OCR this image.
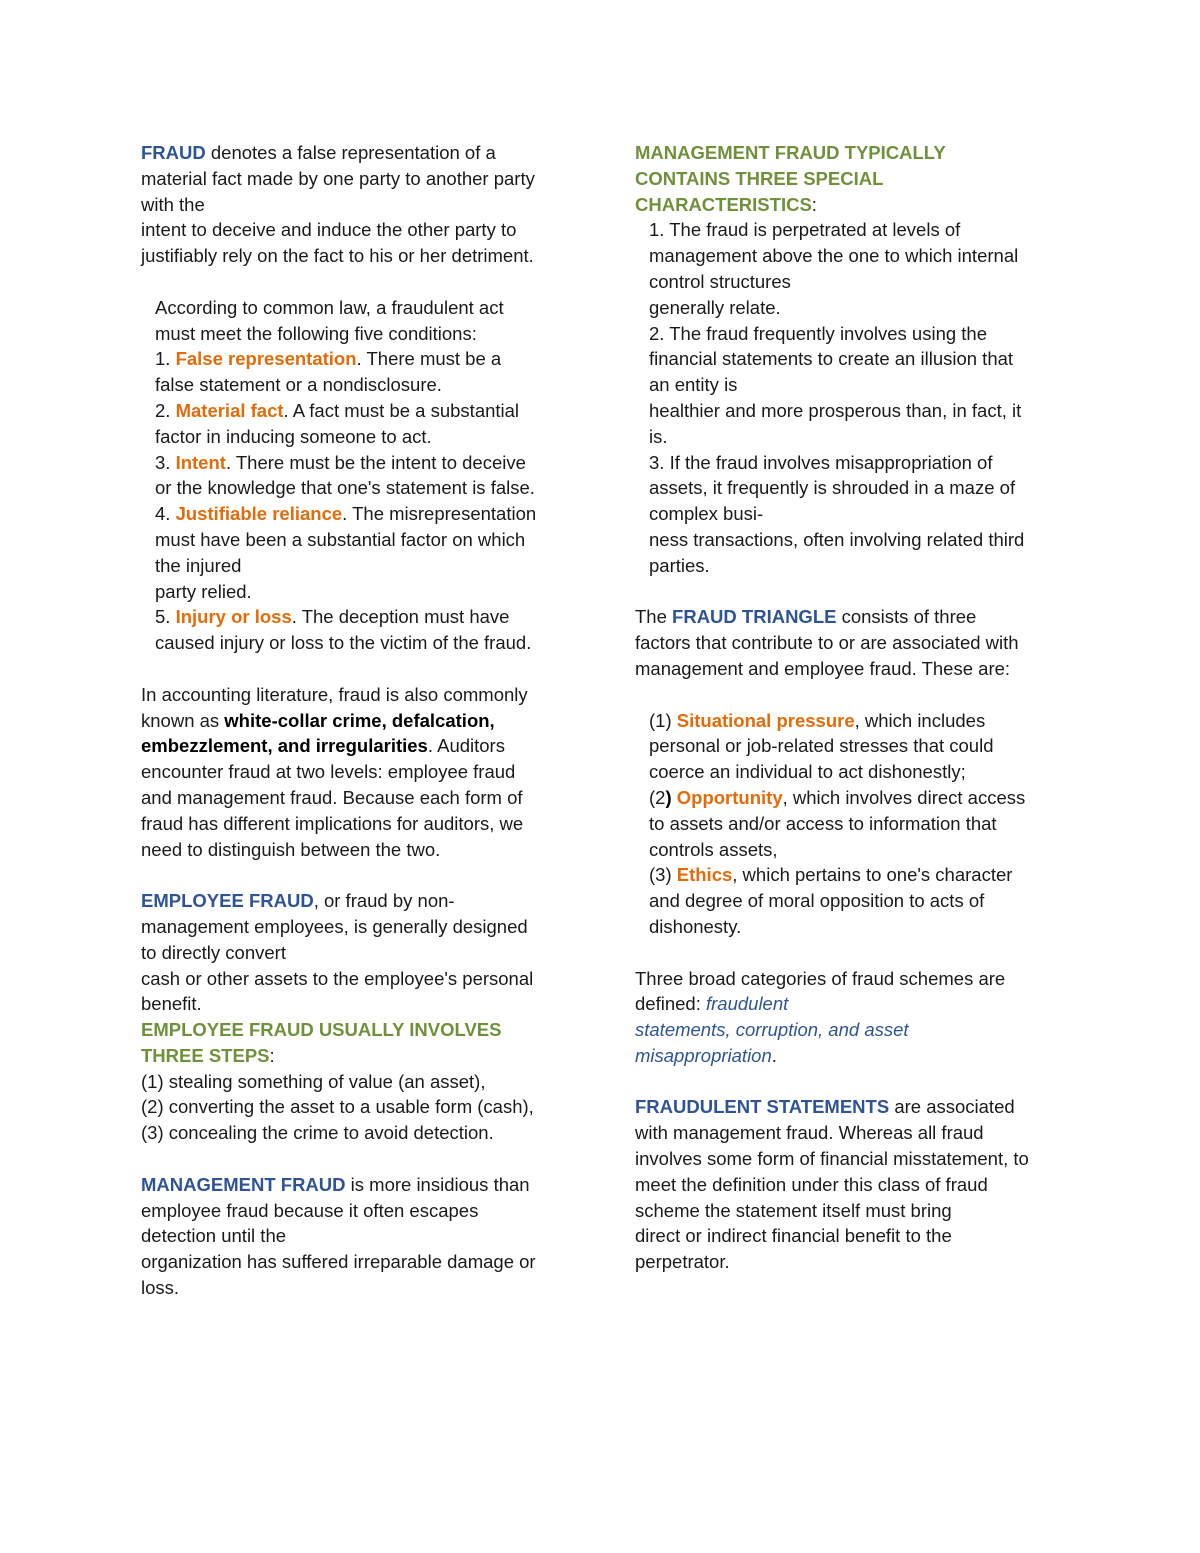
FRAUD denotes a false representation of a
material fact made by one party to another party
with the
intent to deceive and induce the other party to
justifiably rely on the fact to his or her detriment.
According to common law, a fraudulent act
must meet the following five conditions:
1. False representation. There must be a
false statement or a nondisclosure.
2. Material fact. A fact must be a substantial
factor in inducing someone to act.
3. Intent. There must be the intent to deceive
or the knowledge that one's statement is false.
4. Justifiable reliance. The misrepresentation
must have been a substantial factor on which
the injured
party relied.
5. Injury or loss. The deception must have
caused injury or loss to the victim of the fraud.
In accounting literature, fraud is also commonly
known as white-collar crime, defalcation,
embezzlement, and irregularities. Auditors
encounter fraud at two levels: employee fraud
and management fraud. Because each form of
fraud has different implications for auditors, we
need to distinguish between the two.
EMPLOYEE FRAUD, or fraud by non-
management employees, is generally designed
to directly convert
cash or other assets to the employee's personal
benefit.
EMPLOYEE FRAUD USUALLY INVOLVES
THREE STEPS:
(1) stealing something of value (an asset),
(2) converting the asset to a usable form (cash),
(3) concealing the crime to avoid detection.
MANAGEMENT FRAUD is more insidious than
employee fraud because it often escapes
detection until the
organization has suffered irreparable damage or
loss.
MANAGEMENT FRAUD TYPICALLY
CONTAINS THREE SPECIAL
CHARACTERISTICS:
1. The fraud is perpetrated at levels of
management above the one to which internal
control structures
generally relate.
2. The fraud frequently involves using the
financial statements to create an illusion that
an entity is
healthier and more prosperous than, in fact, it
is.
3. If the fraud involves misappropriation of
assets, it frequently is shrouded in a maze of
complex busi-
ness transactions, often involving related third
parties.
The FRAUD TRIANGLE consists of three
factors that contribute to or are associated with
management and employee fraud. These are:
(1) Situational pressure, which includes
personal or job-related stresses that could
coerce an individual to act dishonestly;
(2) Opportunity, which involves direct access
to assets and/or access to information that
controls assets,
(3) Ethics, which pertains to one's character
and degree of moral opposition to acts of
dishonesty.
Three broad categories of fraud schemes are
defined: fraudulent
statements, corruption, and asset
misappropriation.
FRAUDULENT STATEMENTS are associated
with management fraud. Whereas all fraud
involves some form of financial misstatement, to
meet the definition under this class of fraud
scheme the statement itself must bring
direct or indirect financial benefit to the
perpetrator.
